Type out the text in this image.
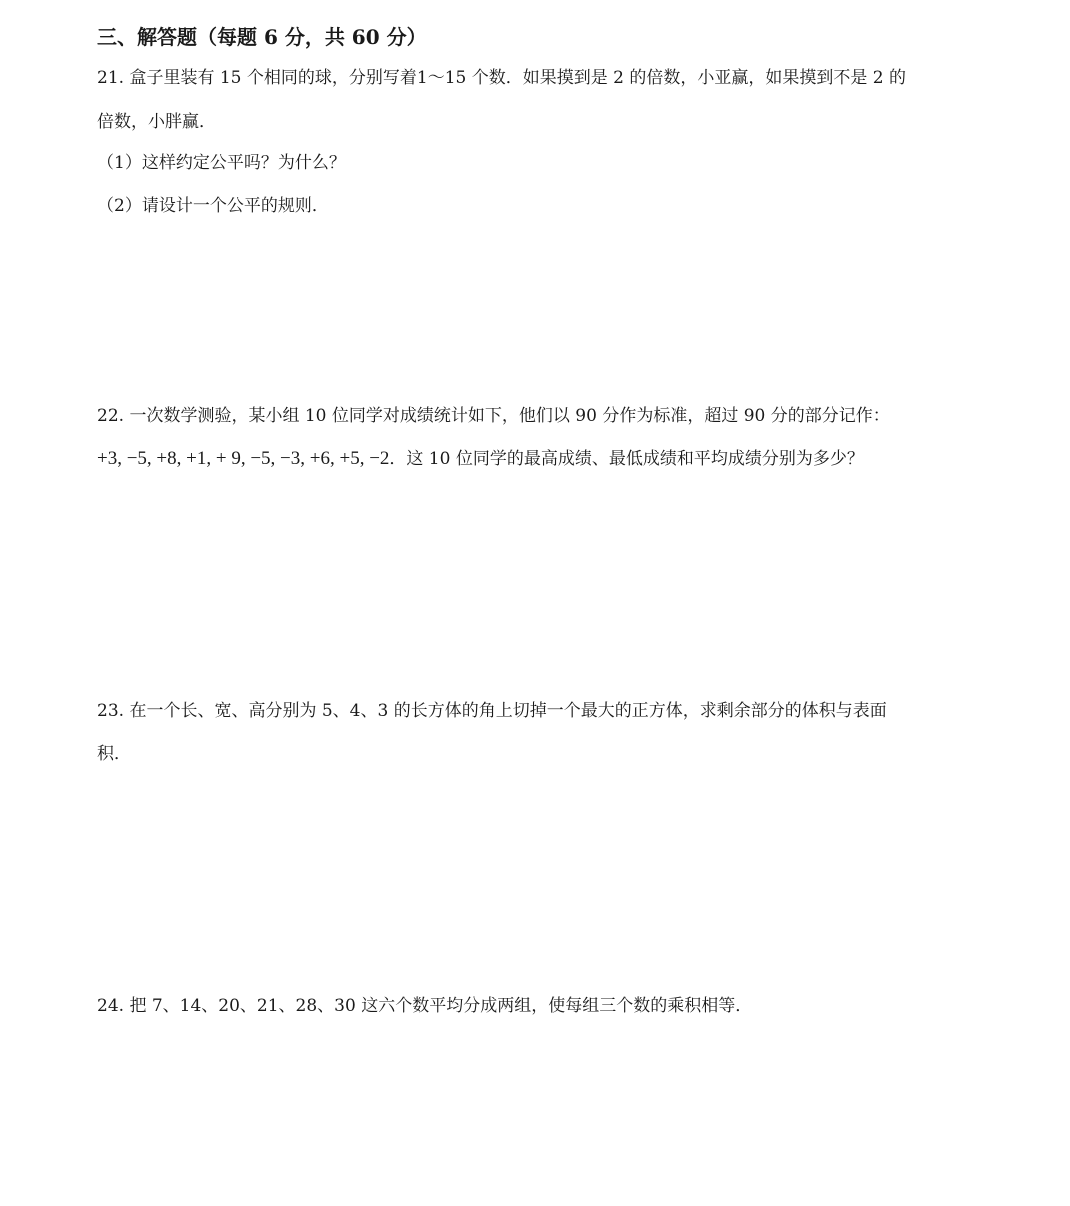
三、解答题（每题 6 分，共 60 分）
21. 盒子里装有 15 个相同的球，分别写着1～15 个数．如果摸到是 2 的倍数，小亚赢，如果摸到不是 2 的
倍数，小胖赢．
（1）这样约定公平吗？为什么？
（2）请设计一个公平的规则．
22. 一次数学测验，某小组 10 位同学对成绩统计如下，他们以 90 分作为标准，超过 90 分的部分记作：
+3, −5, +8, +1, + 9, −5, −3, +6, +5, −2．这 10 位同学的最高成绩、最低成绩和平均成绩分别为多少？
23. 在一个长、宽、高分别为 5、4、3 的长方体的角上切掉一个最大的正方体，求剩余部分的体积与表面
积．
24. 把 7、14、20、21、28、30 这六个数平均分成两组，使每组三个数的乘积相等．
